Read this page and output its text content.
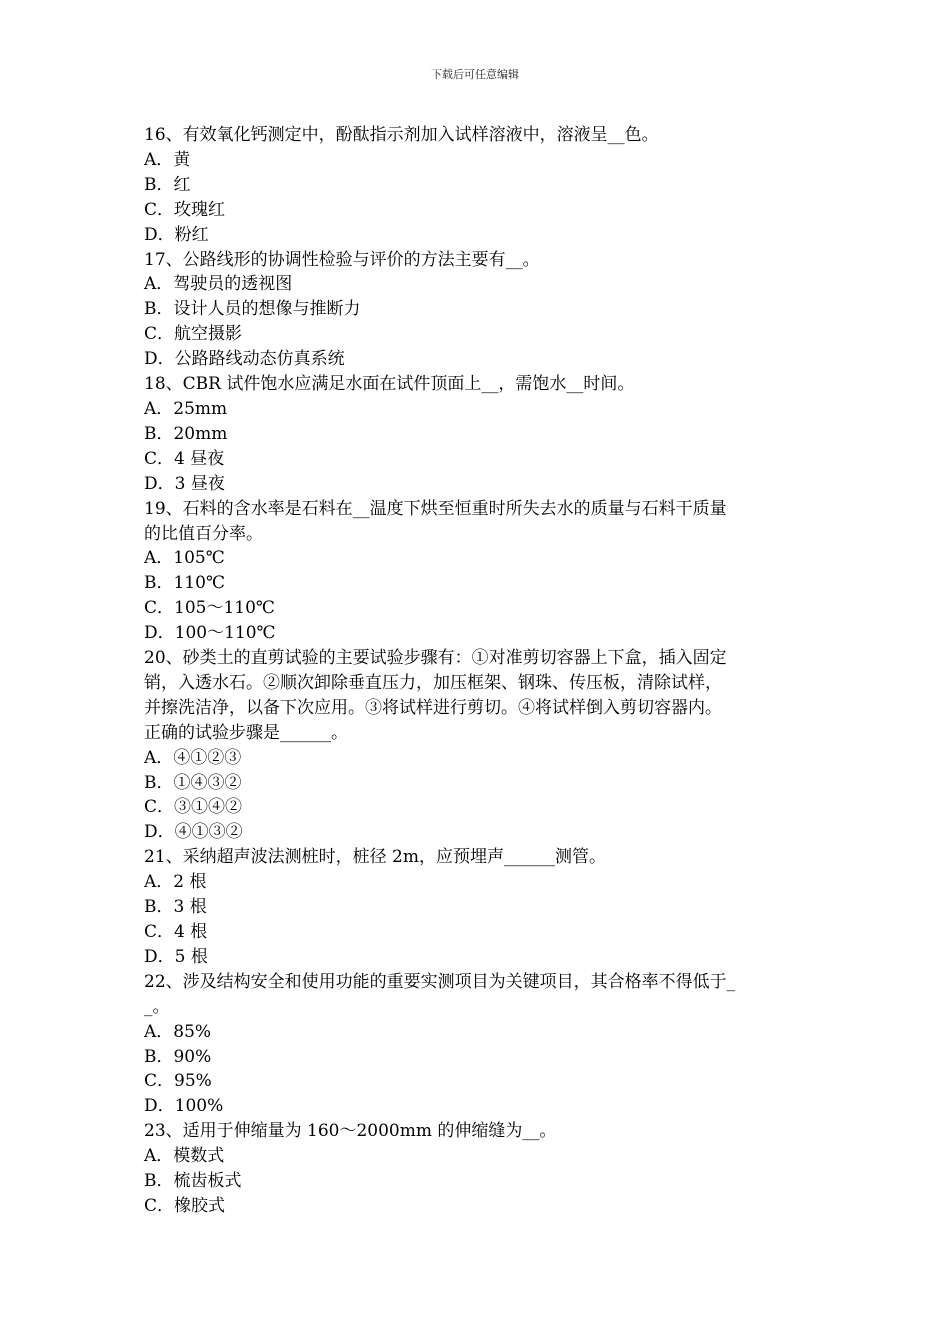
下载后可任意编辑

16、有效氧化钙测定中，酚酞指示剂加入试样溶液中，溶液呈__色。

A．黄

B．红

C．玫瑰红

D．粉红

17、公路线形的协调性检验与评价的方法主要有__。

A．驾驶员的透视图

B．设计人员的想像与推断力

C．航空摄影

D．公路路线动态仿真系统

18、CBR 试件饱水应满足水面在试件顶面上__，需饱水__时间。

A．25mm

B．20mm

C．4 昼夜

D．3 昼夜

19、石料的含水率是石料在__温度下烘至恒重时所失去水的质量与石料干质量

的比值百分率。

A．105℃

B．110℃

C．105～110℃

D．100～110℃

20、砂类土的直剪试验的主要试验步骤有：①对准剪切容器上下盒，插入固定

销，入透水石。②顺次卸除垂直压力，加压框架、钢珠、传压板，清除试样，

并擦洗洁净，以备下次应用。③将试样进行剪切。④将试样倒入剪切容器内。

正确的试验步骤是______。

A．④①②③

B．①④③②

C．③①④②

D．④①③②

21、采纳超声波法测桩时，桩径 2m，应预埋声______测管。

A．2 根

B．3 根

C．4 根

D．5 根

22、涉及结构安全和使用功能的重要实测项目为关键项目，其合格率不得低于_

_。

A．85%

B．90%

C．95%

D．100%

23、适用于伸缩量为 160～2000mm 的伸缩缝为__。

A．模数式

B．梳齿板式

C．橡胶式
